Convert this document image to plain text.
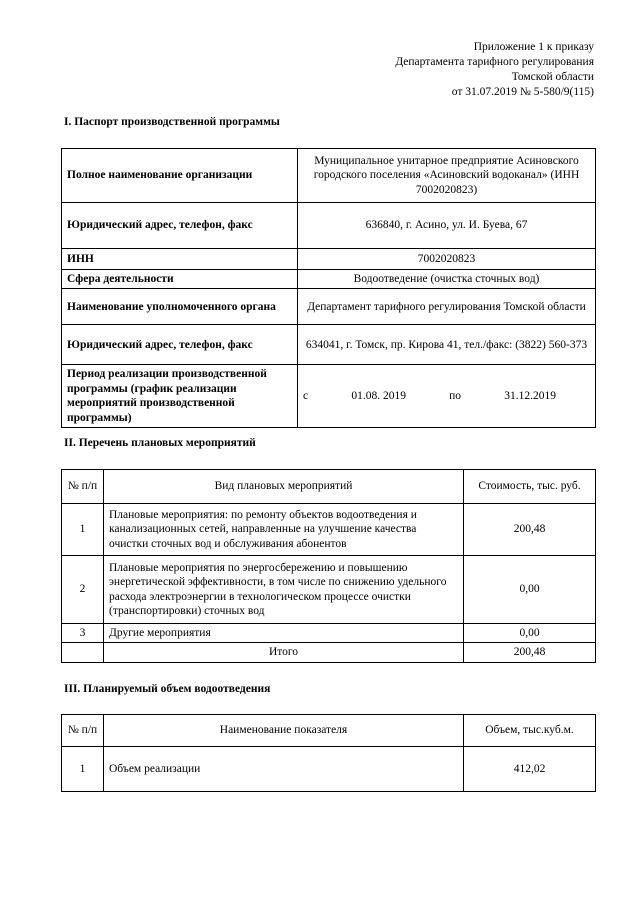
Приложение 1 к приказу
Департамента тарифного регулирования
Томской области
от 31.07.2019 № 5-580/9(115)
I. Паспорт производственной программы
Полное наименование организации	Муниципальное унитарное предприятие Асиновского городского поселения «Асиновский водоканал» (ИНН 7002020823)
Юридический адрес, телефон, факс	636840, г. Асино, ул. И. Буева, 67
ИНН	7002020823
Сфера деятельности	Водоотведение (очистка сточных вод)
Наименование уполномоченного органа	Департамент тарифного регулирования Томской области
Юридический адрес, телефон, факс	634041, г. Томск, пр. Кирова 41, тел./факс: (3822) 560-373
Период реализации производственной программы (график реализации мероприятий производственной программы)	с 01.08. 2019 по 31.12.2019
II. Перечень плановых мероприятий
№ п/п	Вид плановых мероприятий	Стоимость, тыс. руб.
1	Плановые мероприятия: по ремонту объектов водоотведения и канализационных сетей, направленные на улучшение качества очистки сточных вод и обслуживания абонентов	200,48
2	Плановые мероприятия по энергосбережению и повышению энергетической эффективности, в том числе по снижению удельного расхода электроэнергии в технологическом процессе очистки (транспортировки) сточных вод	0,00
3	Другие мероприятия	0,00
	Итого	200,48
III. Планируемый объем водоотведения
№ п/п	Наименование показателя	Объем, тыс.куб.м.
1	Объем реализации	412,02
